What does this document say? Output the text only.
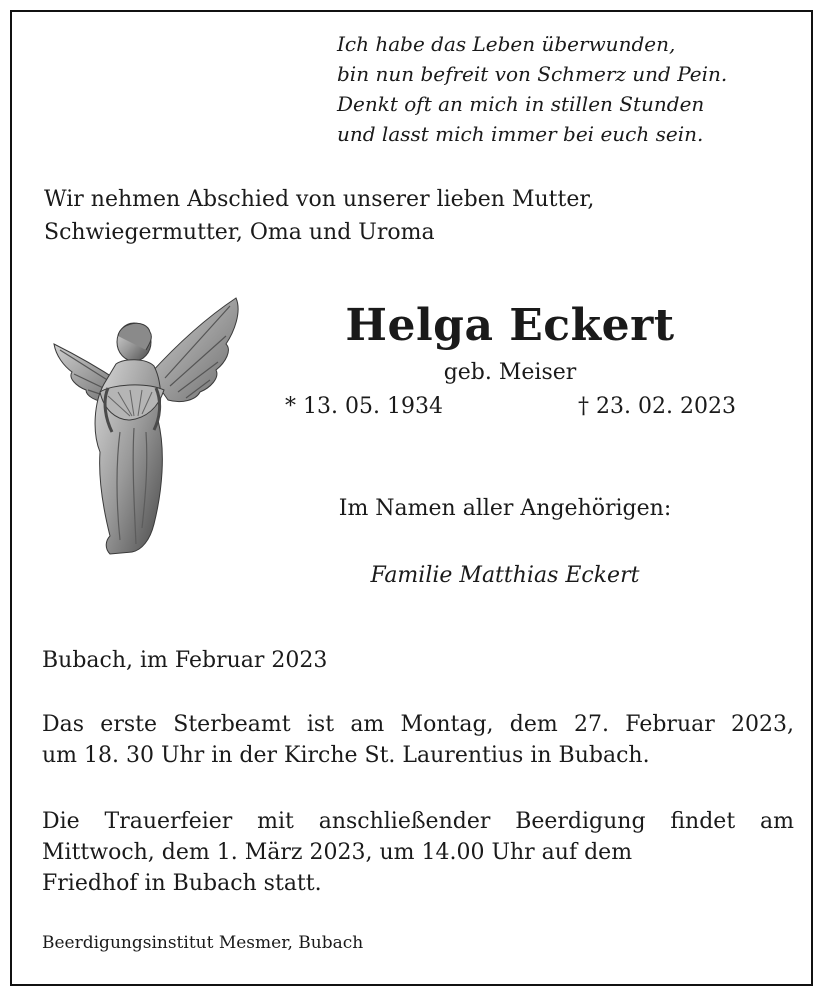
Ich habe das Leben überwunden,
bin nun befreit von Schmerz und Pein.
Denkt oft an mich in stillen Stunden
und lasst mich immer bei euch sein.
Wir nehmen Abschied von unserer lieben Mutter,
Schwiegermutter, Oma und Uroma
Helga Eckert
geb. Meiser
* 13. 05. 1934	† 23. 02. 2023
Im Namen aller Angehörigen:
Familie Matthias Eckert
Bubach, im Februar 2023
Das erste Sterbeamt ist am Montag, dem 27. Februar 2023,
um 18. 30 Uhr in der Kirche St. Laurentius in Bubach.
Die Trauerfeier mit anschließender Beerdigung findet am
Mittwoch, dem 1. März 2023, um 14.00 Uhr auf dem
Friedhof in Bubach statt.
Beerdigungsinstitut Mesmer, Bubach
